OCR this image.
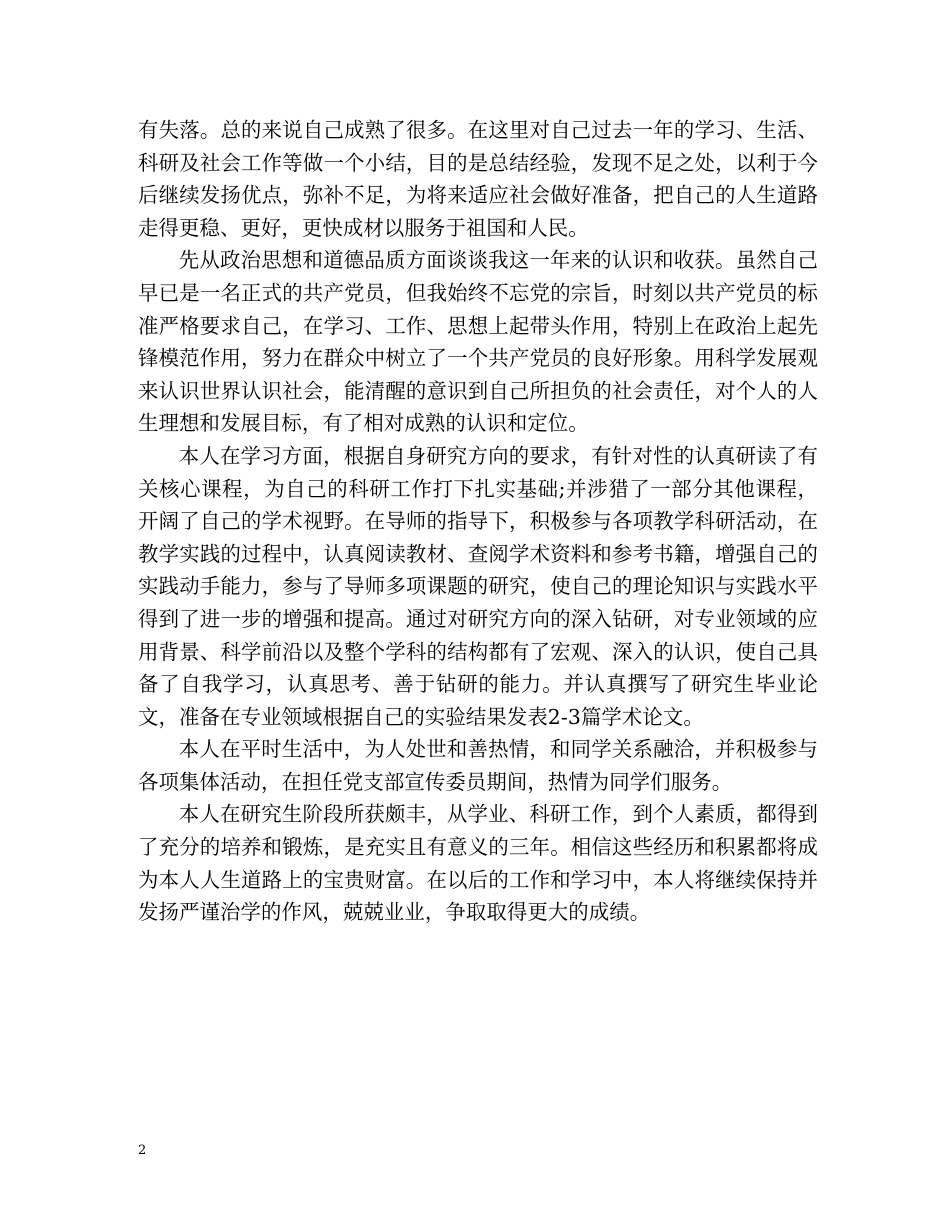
有失落。总的来说自己成熟了很多。在这里对自己过去一年的学习、生活、科研及社会工作等做一个小结，目的是总结经验，发现不足之处，以利于今后继续发扬优点，弥补不足，为将来适应社会做好准备，把自己的人生道路走得更稳、更好，更快成材以服务于祖国和人民。

先从政治思想和道德品质方面谈谈我这一年来的认识和收获。虽然自己早已是一名正式的共产党员，但我始终不忘党的宗旨，时刻以共产党员的标准严格要求自己，在学习、工作、思想上起带头作用，特别上在政治上起先锋模范作用，努力在群众中树立了一个共产党员的良好形象。用科学发展观来认识世界认识社会，能清醒的意识到自己所担负的社会责任，对个人的人生理想和发展目标，有了相对成熟的认识和定位。

本人在学习方面，根据自身研究方向的要求，有针对性的认真研读了有关核心课程，为自己的科研工作打下扎实基础;并涉猎了一部分其他课程，开阔了自己的学术视野。在导师的指导下，积极参与各项教学科研活动，在教学实践的过程中，认真阅读教材、查阅学术资料和参考书籍，增强自己的实践动手能力，参与了导师多项课题的研究，使自己的理论知识与实践水平得到了进一步的增强和提高。通过对研究方向的深入钻研，对专业领域的应用背景、科学前沿以及整个学科的结构都有了宏观、深入的认识，使自己具备了自我学习，认真思考、善于钻研的能力。并认真撰写了研究生毕业论文，准备在专业领域根据自己的实验结果发表2-3篇学术论文。

本人在平时生活中，为人处世和善热情，和同学关系融洽，并积极参与各项集体活动，在担任党支部宣传委员期间，热情为同学们服务。

本人在研究生阶段所获颇丰，从学业、科研工作，到个人素质，都得到了充分的培养和锻炼，是充实且有意义的三年。相信这些经历和积累都将成为本人人生道路上的宝贵财富。在以后的工作和学习中，本人将继续保持并发扬严谨治学的作风，兢兢业业，争取取得更大的成绩。

2
